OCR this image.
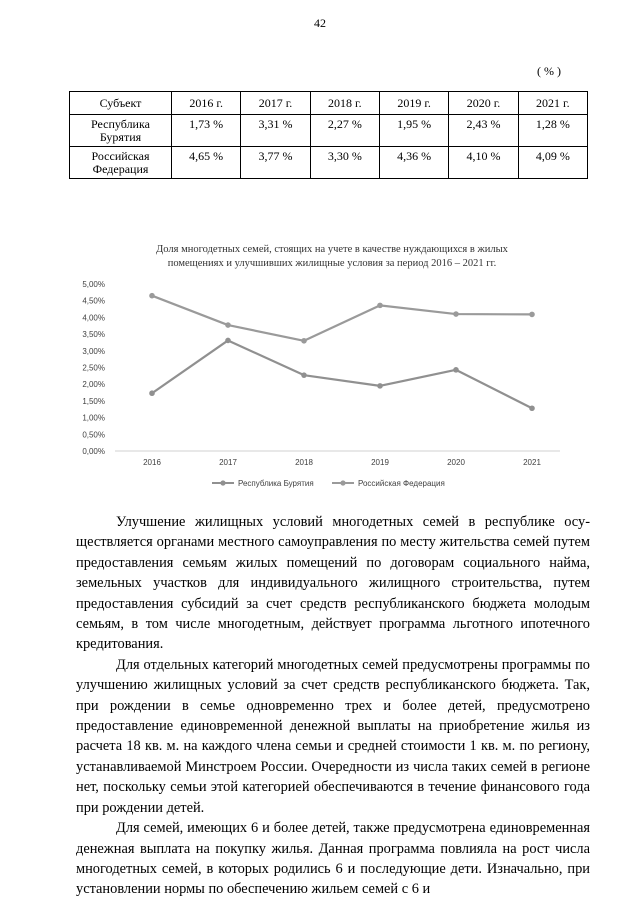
42
( % )
Субъект	2016 г.	2017 г.	2018 г.	2019 г.	2020 г.	2021 г.
Республика Бурятия	1,73 %	3,31 %	2,27 %	1,95 %	2,43 %	1,28 %
Российская Федерация	4,65 %	3,77 %	3,30 %	4,36 %	4,10 %	4,09 %
Доля многодетных семей, стоящих на учете в качестве нуждающихся в жилых
помещениях и улучшивших жилищные условия за период 2016 – 2021 гг.
0,00%
0,50%
1,00%
1,50%
2,00%
2,50%
3,00%
3,50%
4,00%
4,50%
5,00%
2016	2017	2018	2019	2020	2021
Республика Бурятия	Российская Федерация

Улучшение жилищных условий многодетных семей в республике осуществляется органами местного самоуправления по месту жительства семей путем предоставления семьям жилых помещений по договорам социального найма, земельных участков для индивидуального жилищного строительства, путем предоставления субсидий за счет средств республиканского бюджета молодым семьям, в том числе многодетным, действует программа льготного ипотечного кредитования.

Для отдельных категорий многодетных семей предусмотрены программы по улучшению жилищных условий за счет средств республиканского бюджета. Так, при рождении в семье одновременно трех и более детей, предусмотрено предоставление единовременной денежной выплаты на приобретение жилья из расчета 18 кв. м. на каждого члена семьи и средней стоимости 1 кв. м. по региону, устанавливаемой Минстроем России. Очередности из числа таких семей в регионе нет, поскольку семьи этой категорией обеспечиваются в течение финансового года при рождении детей.

Для семей, имеющих 6 и более детей, также предусмотрена единовременная денежная выплата на покупку жилья. Данная программа повлияла на рост числа многодетных семей, в которых родились 6 и последующие дети. Изначально, при установлении нормы по обеспечению жильем семей с 6 и
